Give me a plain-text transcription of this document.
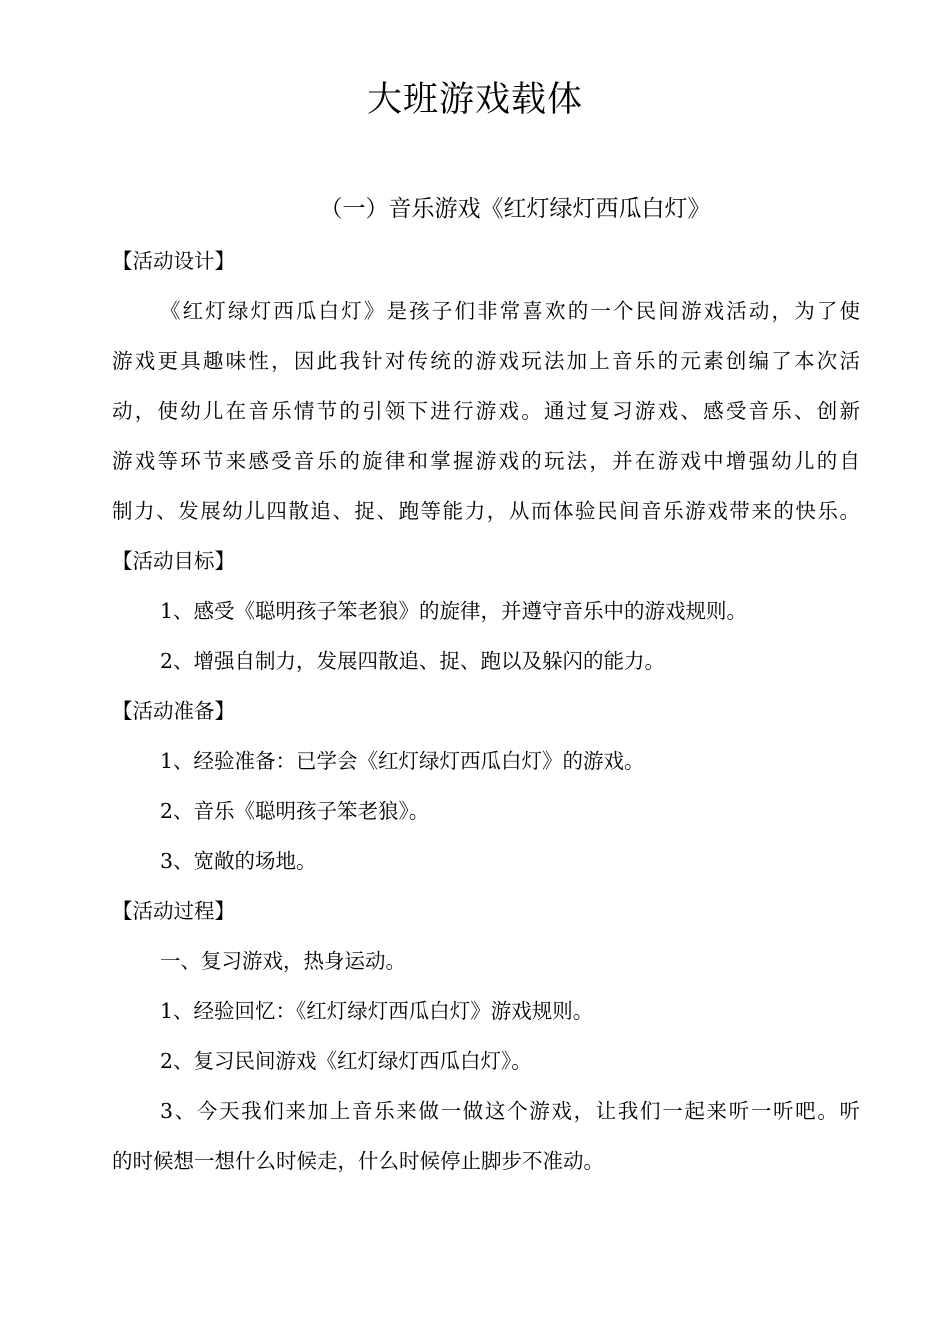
大班游戏载体
（一）音乐游戏《红灯绿灯西瓜白灯》
【活动设计】
《红灯绿灯西瓜白灯》是孩子们非常喜欢的一个民间游戏活动，为了使
游戏更具趣味性，因此我针对传统的游戏玩法加上音乐的元素创编了本次活
动，使幼儿在音乐情节的引领下进行游戏。通过复习游戏、感受音乐、创新
游戏等环节来感受音乐的旋律和掌握游戏的玩法，并在游戏中增强幼儿的自
制力、发展幼儿四散追、捉、跑等能力，从而体验民间音乐游戏带来的快乐。
【活动目标】
1、感受《聪明孩子笨老狼》的旋律，并遵守音乐中的游戏规则。
2、增强自制力，发展四散追、捉、跑以及躲闪的能力。
【活动准备】
1、经验准备：已学会《红灯绿灯西瓜白灯》的游戏。
2、音乐《聪明孩子笨老狼》。
3、宽敞的场地。
【活动过程】
一、复习游戏，热身运动。
1、经验回忆：《红灯绿灯西瓜白灯》游戏规则。
2、复习民间游戏《红灯绿灯西瓜白灯》。
3、今天我们来加上音乐来做一做这个游戏，让我们一起来听一听吧。听
的时候想一想什么时候走，什么时候停止脚步不准动。
